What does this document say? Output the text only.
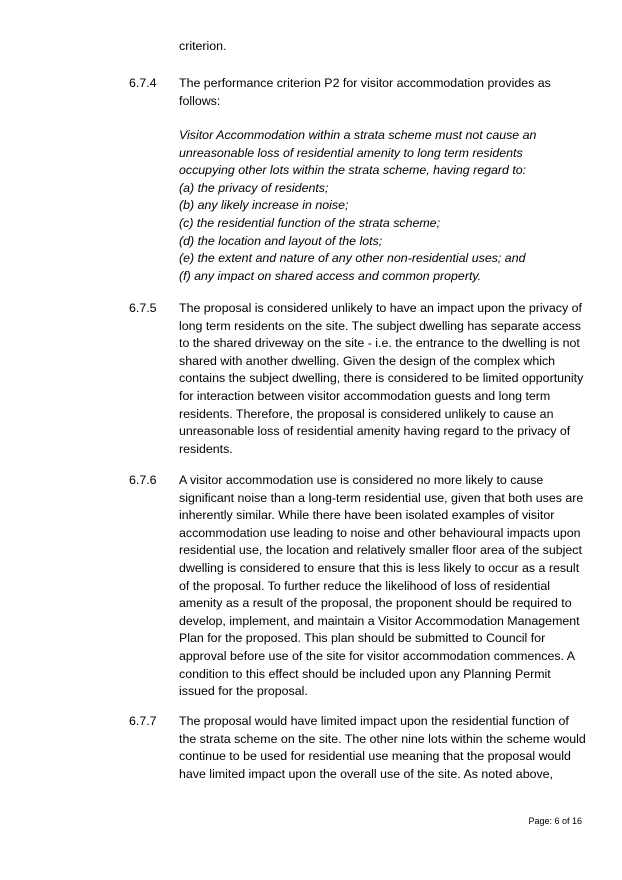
criterion.
6.7.4	The performance criterion P2 for visitor accommodation provides as
follows:
Visitor Accommodation within a strata scheme must not cause an
unreasonable loss of residential amenity to long term residents
occupying other lots within the strata scheme, having regard to:
(a) the privacy of residents;
(b) any likely increase in noise;
(c) the residential function of the strata scheme;
(d) the location and layout of the lots;
(e) the extent and nature of any other non-residential uses; and
(f) any impact on shared access and common property.
6.7.5	The proposal is considered unlikely to have an impact upon the privacy of
long term residents on the site. The subject dwelling has separate access
to the shared driveway on the site - i.e. the entrance to the dwelling is not
shared with another dwelling. Given the design of the complex which
contains the subject dwelling, there is considered to be limited opportunity
for interaction between visitor accommodation guests and long term
residents. Therefore, the proposal is considered unlikely to cause an
unreasonable loss of residential amenity having regard to the privacy of
residents.
6.7.6	A visitor accommodation use is considered no more likely to cause
significant noise than a long-term residential use, given that both uses are
inherently similar. While there have been isolated examples of visitor
accommodation use leading to noise and other behavioural impacts upon
residential use, the location and relatively smaller floor area of the subject
dwelling is considered to ensure that this is less likely to occur as a result
of the proposal. To further reduce the likelihood of loss of residential
amenity as a result of the proposal, the proponent should be required to
develop, implement, and maintain a Visitor Accommodation Management
Plan for the proposed. This plan should be submitted to Council for
approval before use of the site for visitor accommodation commences. A
condition to this effect should be included upon any Planning Permit
issued for the proposal.
6.7.7	The proposal would have limited impact upon the residential function of
the strata scheme on the site. The other nine lots within the scheme would
continue to be used for residential use meaning that the proposal would
have limited impact upon the overall use of the site. As noted above,
Page: 6 of 16
